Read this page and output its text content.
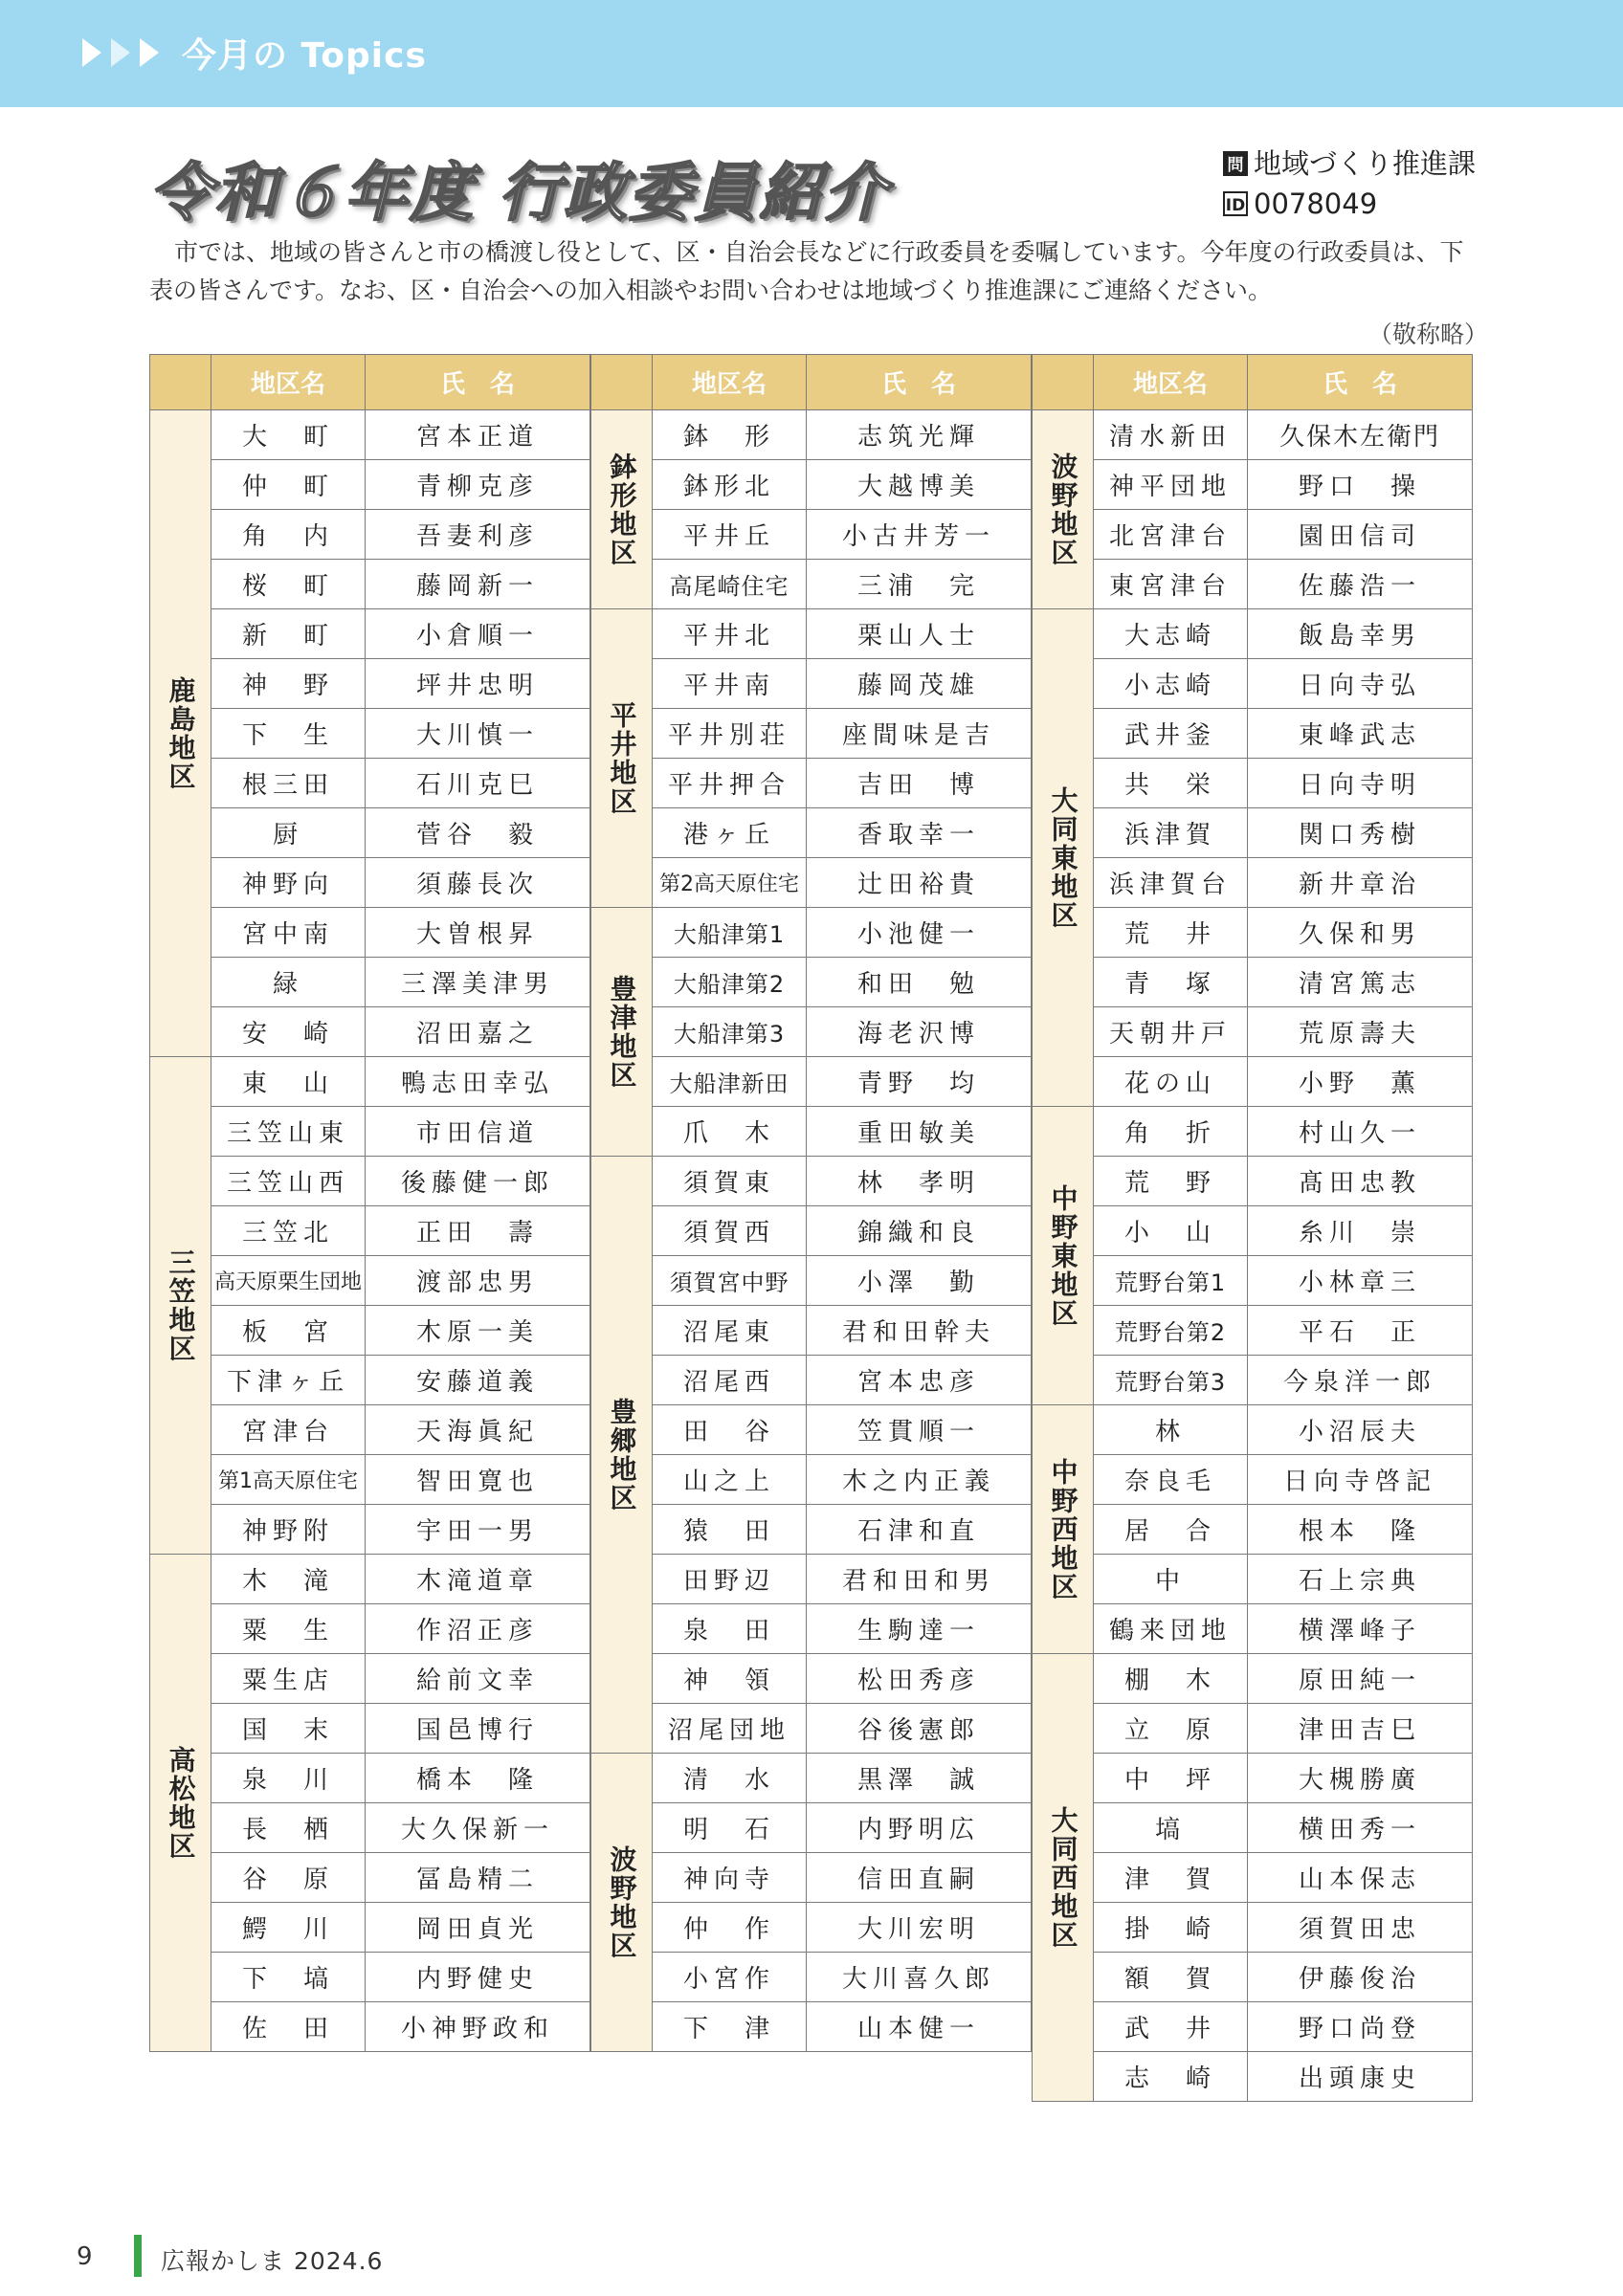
今月の Topics
令和６年度 行政委員紹介	問 地域づくり推進課
ID 0078049
市では、地域の皆さんと市の橋渡し役として、区・自治会長などに行政委員を委嘱しています。今年度の行政委員は、下表の皆さんです。なお、区・自治会への加入相談やお問い合わせは地域づくり推進課にご連絡ください。
（敬称略）
	地区名	氏　名
鹿島地区	大　町	宮本正道
	仲　町	青柳克彦
	角　内	吾妻利彦
	桜　町	藤岡新一
	新　町	小倉順一
	神　野	坪井忠明
	下　生	大川慎一
	根三田	石川克巳
	厨	菅谷　毅
	神野向	須藤長次
	宮中南	大曽根昇
	緑	三澤美津男
	安　崎	沼田嘉之
三笠地区	東　山	鴨志田幸弘
	三笠山東	市田信道
	三笠山西	後藤健一郎
	三笠北	正田　壽
	高天原栗生団地	渡部忠男
	板　宮	木原一美
	下津ヶ丘	安藤道義
	宮津台	天海眞紀
	第1高天原住宅	智田寛也
	神野附	宇田一男
高松地区	木　滝	木滝道章
	粟　生	作沼正彦
	粟生店	給前文幸
	国　末	国邑博行
	泉　川	橋本　隆
	長　栖	大久保新一
	谷　原	冨島精二
	鰐　川	岡田貞光
	下　塙	内野健史
	佐　田	小神野政和
	地区名	氏　名
鉢形地区	鉢　形	志筑光輝
	鉢形北	大越博美
	平井丘	小古井芳一
	高尾崎住宅	三浦　完
平井地区	平井北	栗山人士
	平井南	藤岡茂雄
	平井別荘	座間味是吉
	平井押合	吉田　博
	港ヶ丘	香取幸一
	第2高天原住宅	辻田裕貴
豊津地区	大船津第1	小池健一
	大船津第2	和田　勉
	大船津第3	海老沢博
	大船津新田	青野　均
	爪　木	重田敏美
豊郷地区	須賀東	林　孝明
	須賀西	錦織和良
	須賀宮中野	小澤　勤
	沼尾東	君和田幹夫
	沼尾西	宮本忠彦
	田　谷	笠貫順一
	山之上	木之内正義
	猿　田	石津和直
	田野辺	君和田和男
	泉　田	生駒達一
	神　領	松田秀彦
	沼尾団地	谷後憲郎
波野地区	清　水	黒澤　誠
	明　石	内野明広
	神向寺	信田直嗣
	仲　作	大川宏明
	小宮作	大川喜久郎
	下　津	山本健一
	地区名	氏　名
波野地区	清水新田	久保木左衛門
	神平団地	野口　操
	北宮津台	園田信司
	東宮津台	佐藤浩一
大同東地区	大志崎	飯島幸男
	小志崎	日向寺弘
	武井釜	東峰武志
	共　栄	日向寺明
	浜津賀	関口秀樹
	浜津賀台	新井章治
	荒　井	久保和男
	青　塚	清宮篤志
	天朝井戸	荒原壽夫
	花の山	小野　薫
中野東地区	角　折	村山久一
	荒　野	髙田忠教
	小　山	糸川　崇
	荒野台第1	小林章三
	荒野台第2	平石　正
	荒野台第3	今泉洋一郎
中野西地区	林	小沼辰夫
	奈良毛	日向寺啓記
	居　合	根本　隆
	中	石上宗典
	鶴来団地	横澤峰子
大同西地区	棚　木	原田純一
	立　原	津田吉巳
	中　坪	大槻勝廣
	塙	横田秀一
	津　賀	山本保志
	掛　崎	須賀田忠
	額　賀	伊藤俊治
	武　井	野口尚登
	志　崎	出頭康史
9	広報かしま 2024.6
